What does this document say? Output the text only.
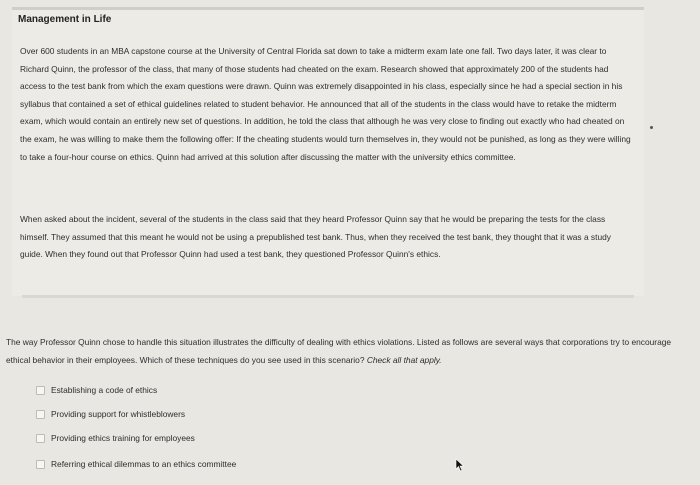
Management in Life

Over 600 students in an MBA capstone course at the University of Central Florida sat down to take a midterm exam late one fall. Two days later, it was clear to Richard Quinn, the professor of the class, that many of those students had cheated on the exam. Research showed that approximately 200 of the students had access to the test bank from which the exam questions were drawn. Quinn was extremely disappointed in his class, especially since he had a special section in his syllabus that contained a set of ethical guidelines related to student behavior. He announced that all of the students in the class would have to retake the midterm exam, which would contain an entirely new set of questions. In addition, he told the class that although he was very close to finding out exactly who had cheated on the exam, he was willing to make them the following offer: If the cheating students would turn themselves in, they would not be punished, as long as they were willing to take a four-hour course on ethics. Quinn had arrived at this solution after discussing the matter with the university ethics committee.

When asked about the incident, several of the students in the class said that they heard Professor Quinn say that he would be preparing the tests for the class himself. They assumed that this meant he would not be using a prepublished test bank. Thus, when they received the test bank, they thought that it was a study guide. When they found out that Professor Quinn had used a test bank, they questioned Professor Quinn's ethics.

The way Professor Quinn chose to handle this situation illustrates the difficulty of dealing with ethics violations. Listed as follows are several ways that corporations try to encourage ethical behavior in their employees. Which of these techniques do you see used in this scenario? Check all that apply.

Establishing a code of ethics
Providing support for whistleblowers
Providing ethics training for employees
Referring ethical dilemmas to an ethics committee
